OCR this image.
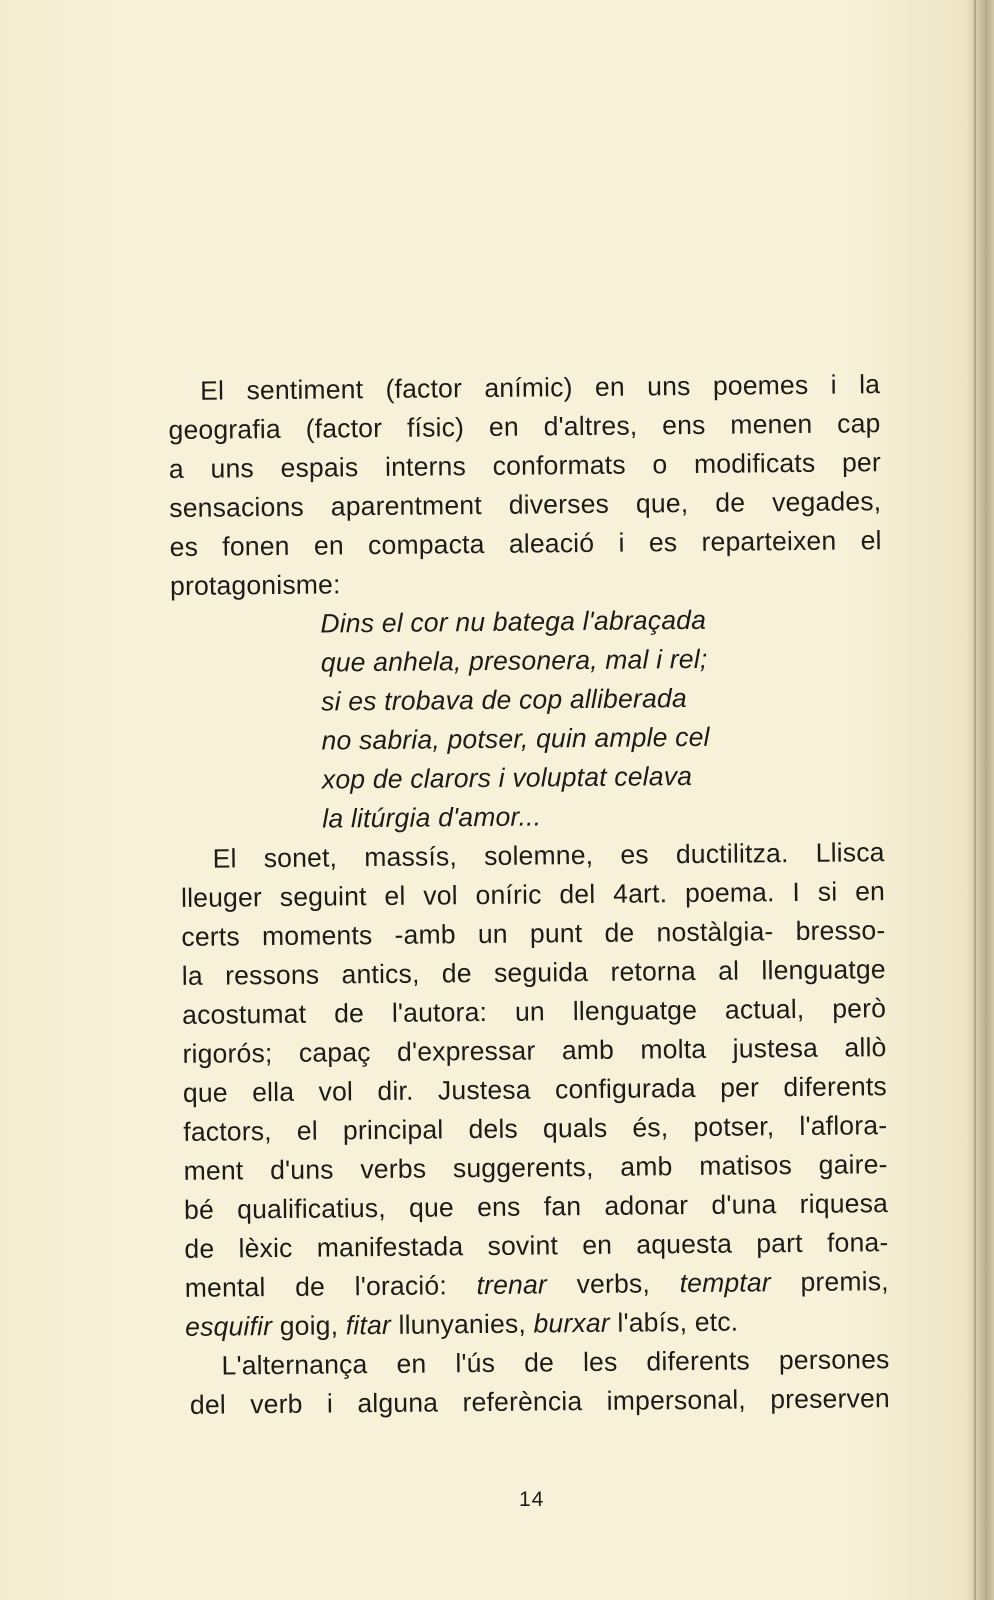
El sentiment (factor anímic) en uns poemes i la
geografia (factor físic) en d'altres, ens menen cap
a uns espais interns conformats o modificats per
sensacions aparentment diverses que, de vegades,
es fonen en compacta aleació i es reparteixen el
protagonisme:
Dins el cor nu batega l'abraçada
que anhela, presonera, mal i rel;
si es trobava de cop alliberada
no sabria, potser, quin ample cel
xop de clarors i voluptat celava
la litúrgia d'amor...
El sonet, massís, solemne, es ductilitza. Llisca
lleuger seguint el vol oníric del 4art. poema. I si en
certs moments -amb un punt de nostàlgia- bresso-
la ressons antics, de seguida retorna al llenguatge
acostumat de l'autora: un llenguatge actual, però
rigorós; capaç d'expressar amb molta justesa allò
que ella vol dir. Justesa configurada per diferents
factors, el principal dels quals és, potser, l'aflora-
ment d'uns verbs suggerents, amb matisos gaire-
bé qualificatius, que ens fan adonar d'una riquesa
de lèxic manifestada sovint en aquesta part fona-
mental de l'oració: trenar verbs, temptar premis,
esquifir goig, fitar llunyanies, burxar l'abís, etc.
L'alternança en l'ús de les diferents persones
del verb i alguna referència impersonal, preserven
14
